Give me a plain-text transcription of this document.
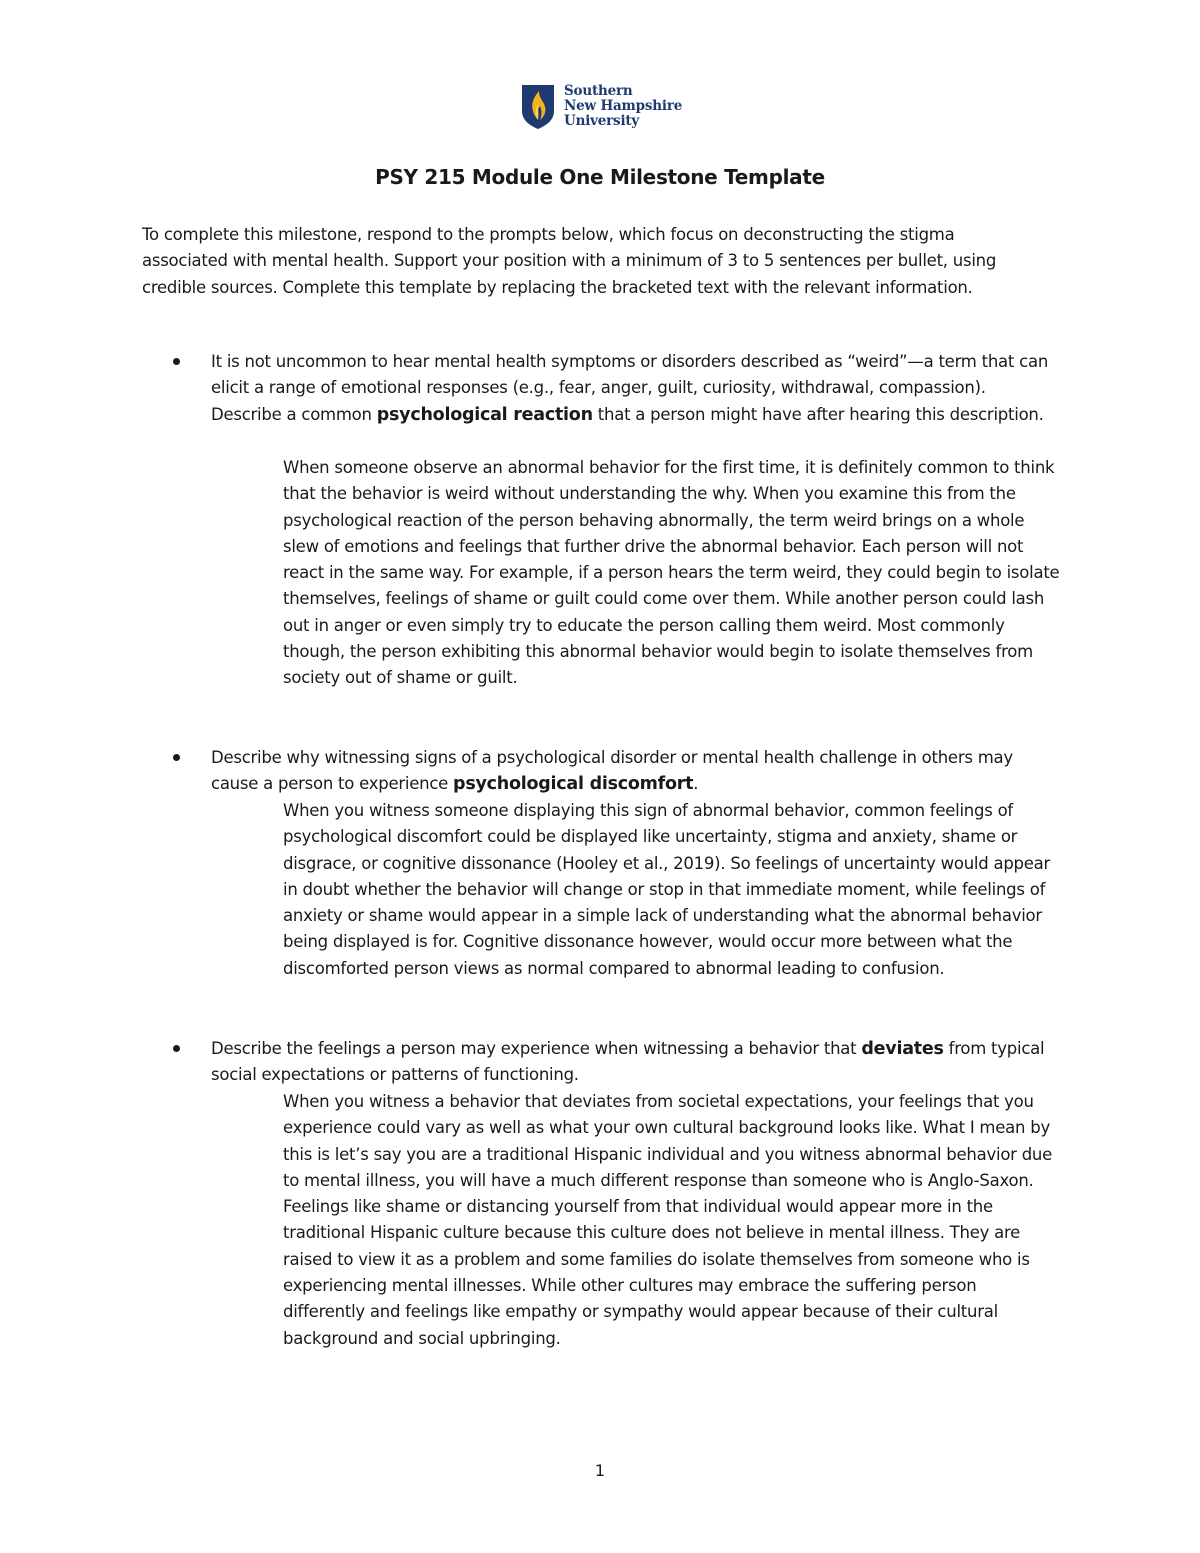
Southern
New Hampshire
University
PSY 215 Module One Milestone Template

To complete this milestone, respond to the prompts below, which focus on deconstructing the stigma associated with mental health. Support your position with a minimum of 3 to 5 sentences per bullet, using credible sources. Complete this template by replacing the bracketed text with the relevant information.

It is not uncommon to hear mental health symptoms or disorders described as “weird”—a term that can elicit a range of emotional responses (e.g., fear, anger, guilt, curiosity, withdrawal, compassion). Describe a common psychological reaction that a person might have after hearing this description.

When someone observe an abnormal behavior for the first time, it is definitely common to think that the behavior is weird without understanding the why. When you examine this from the psychological reaction of the person behaving abnormally, the term weird brings on a whole slew of emotions and feelings that further drive the abnormal behavior. Each person will not react in the same way. For example, if a person hears the term weird, they could begin to isolate themselves, feelings of shame or guilt could come over them. While another person could lash out in anger or even simply try to educate the person calling them weird. Most commonly though, the person exhibiting this abnormal behavior would begin to isolate themselves from society out of shame or guilt.

Describe why witnessing signs of a psychological disorder or mental health challenge in others may cause a person to experience psychological discomfort.

When you witness someone displaying this sign of abnormal behavior, common feelings of psychological discomfort could be displayed like uncertainty, stigma and anxiety, shame or disgrace, or cognitive dissonance (Hooley et al., 2019). So feelings of uncertainty would appear in doubt whether the behavior will change or stop in that immediate moment, while feelings of anxiety or shame would appear in a simple lack of understanding what the abnormal behavior being displayed is for. Cognitive dissonance however, would occur more between what the discomforted person views as normal compared to abnormal leading to confusion.

Describe the feelings a person may experience when witnessing a behavior that deviates from typical social expectations or patterns of functioning.

When you witness a behavior that deviates from societal expectations, your feelings that you experience could vary as well as what your own cultural background looks like. What I mean by this is let’s say you are a traditional Hispanic individual and you witness abnormal behavior due to mental illness, you will have a much different response than someone who is Anglo-Saxon. Feelings like shame or distancing yourself from that individual would appear more in the traditional Hispanic culture because this culture does not believe in mental illness. They are raised to view it as a problem and some families do isolate themselves from someone who is experiencing mental illnesses. While other cultures may embrace the suffering person differently and feelings like empathy or sympathy would appear because of their cultural background and social upbringing.

1
